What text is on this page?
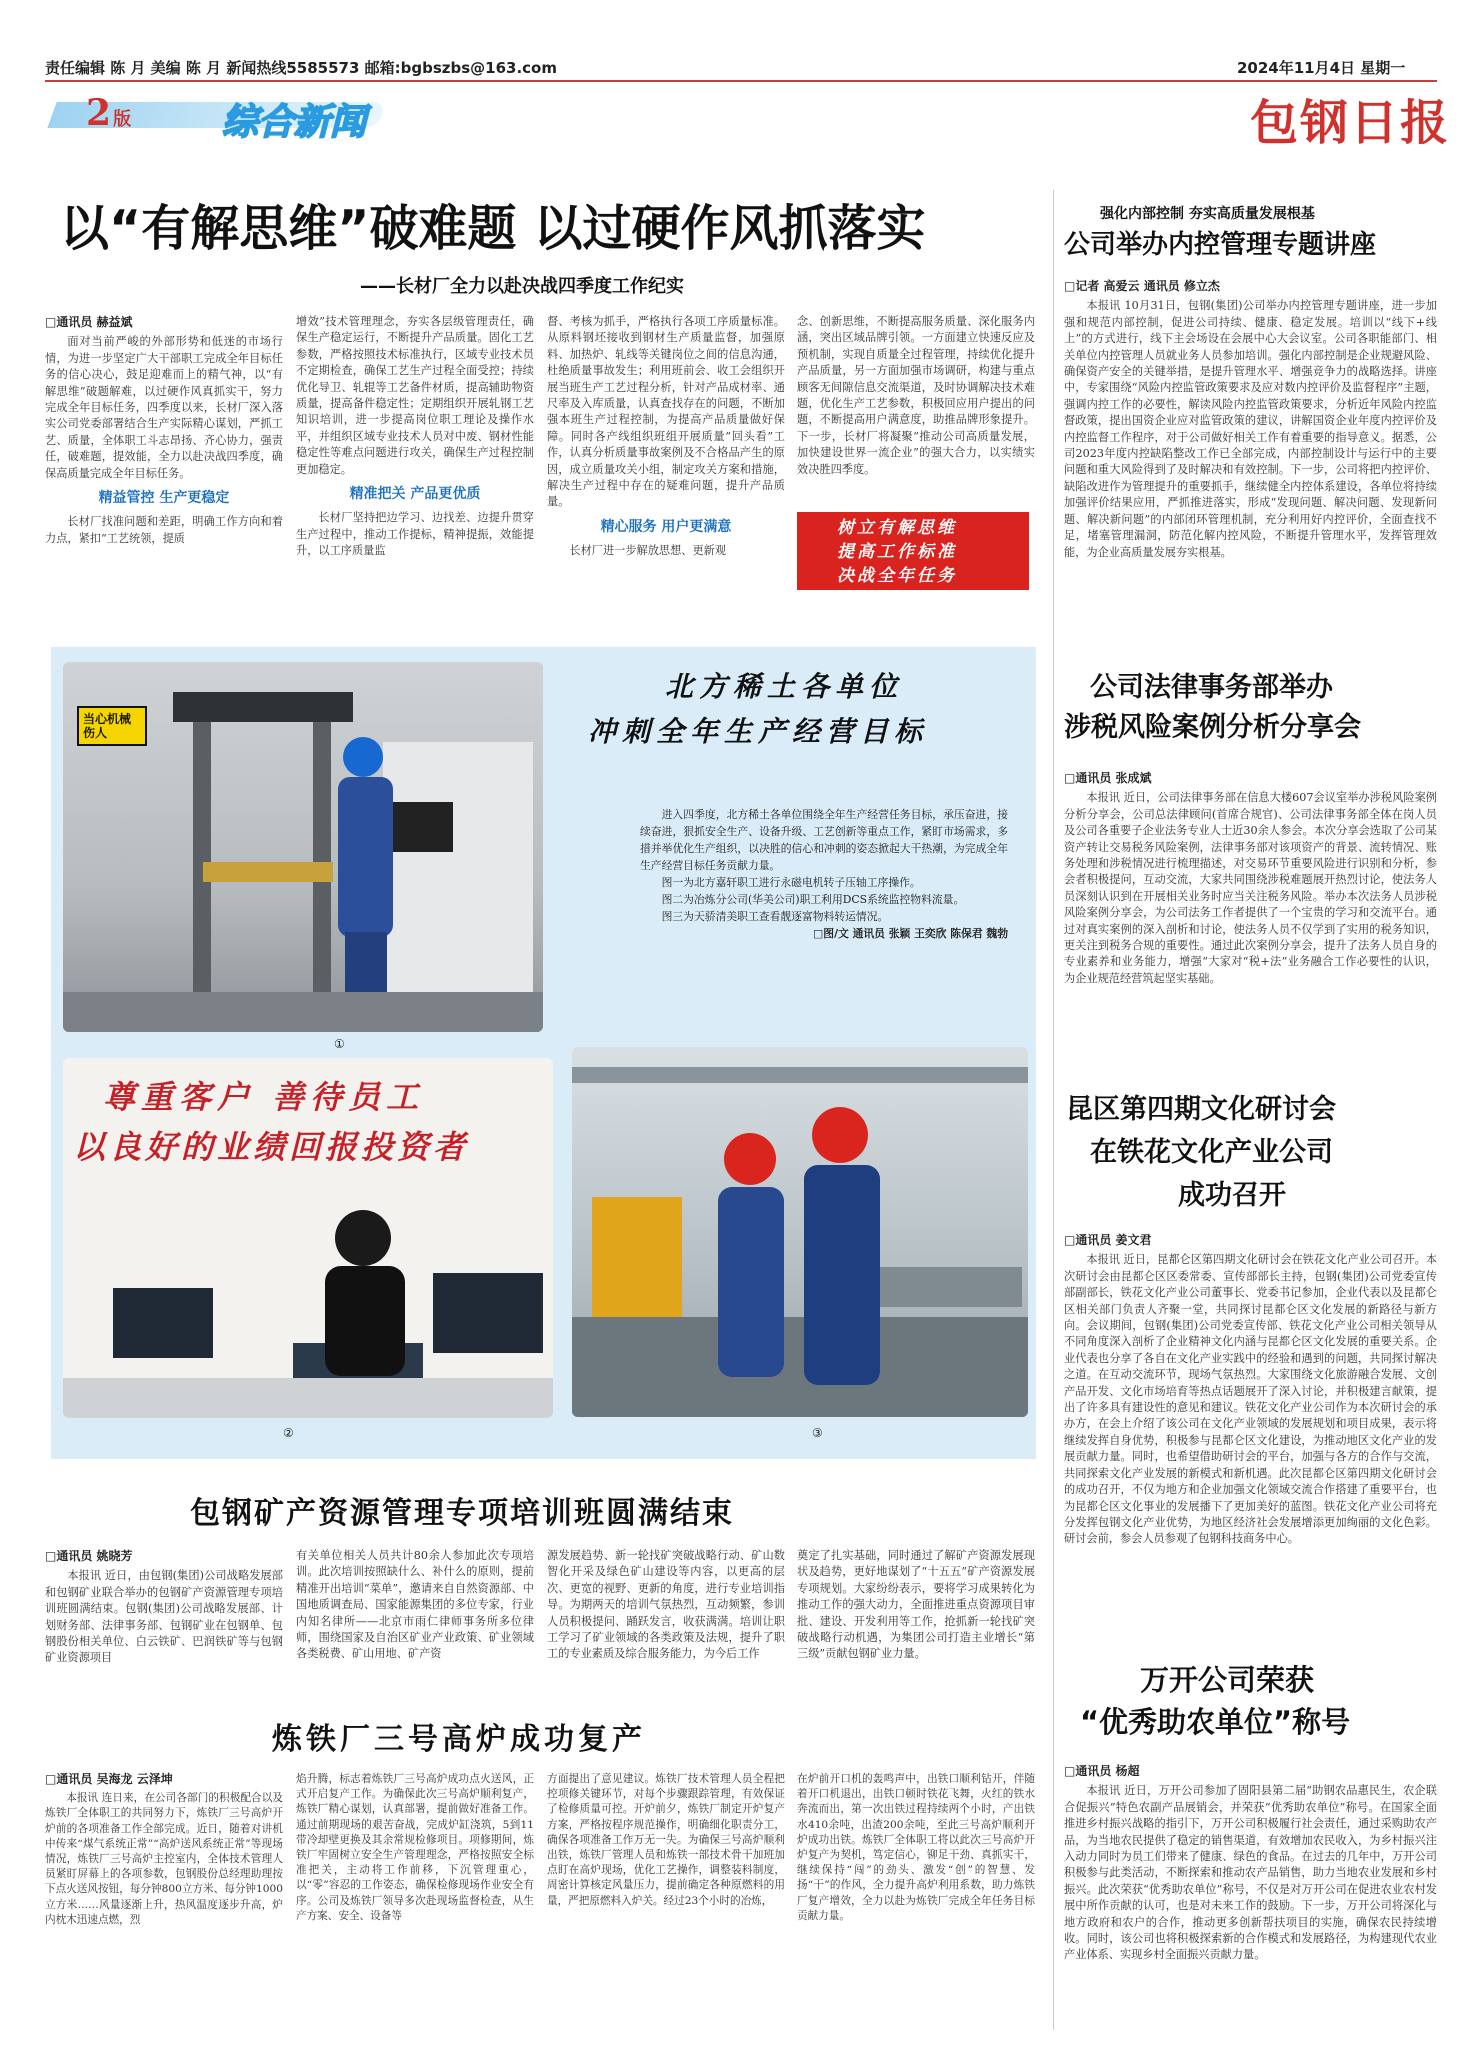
责任编辑 陈 月 美编 陈 月 新闻热线5585573 邮箱:bgbszbs@163.com	2024年11月4日 星期一
2 版	综合新闻	包钢日报
以“有解思维”破难题 以过硬作风抓落实
——长材厂全力以赴决战四季度工作纪实
□通讯员 赫益斌

面对当前严峻的外部形势和低迷的市场行情，为进一步坚定广大干部职工完成全年目标任务的信心决心，鼓足迎难而上的精气神，以“有解思维”破题解难，以过硬作风真抓实干，努力完成全年目标任务，四季度以来，长材厂深入落实公司党委部署结合生产实际精心谋划，严抓工艺、质量，全体职工斗志昂扬、齐心协力，强责任，破难题，提效能，全力以赴决战四季度，确保高质量完成全年目标任务。

精益管控 生产更稳定

长材厂找准问题和差距，明确工作方向和着力点，紧扣“工艺统领，提质

增效”技术管理理念，夯实各层级管理责任，确保生产稳定运行，不断提升产品质量。固化工艺参数，严格按照技术标准执行，区域专业技术员不定期检查，确保工艺生产过程全面受控；持续优化导卫、轧辊等工艺备件材质，提高辅助物资质量，提高备件稳定性；定期组织开展轧钢工艺知识培训，进一步提高岗位职工理论及操作水平，并组织区域专业技术人员对中废、钢材性能稳定性等难点问题进行攻关，确保生产过程控制更加稳定。

精准把关 产品更优质

长材厂坚持把边学习、边找差、边提升贯穿生产过程中，推动工作提标，精神提振，效能提升，以工序质量监

督、考核为抓手，严格执行各项工序质量标准。从原料钢坯接收到钢材生产质量监督，加强原料、加热炉、轧线等关键岗位之间的信息沟通，杜绝质量事故发生；利用班前会、收工会组织开展当班生产工艺过程分析，针对产品成材率、通尺率及入库质量，认真查找存在的问题，不断加强本班生产过程控制，为提高产品质量做好保障。同时各产线组织班组开展质量“回头看”工作，认真分析质量事故案例及不合格品产生的原因，成立质量攻关小组，制定攻关方案和措施，解决生产过程中存在的疑难问题，提升产品质量。

精心服务 用户更满意

长材厂进一步解放思想、更新观

念、创新思维，不断提高服务质量、深化服务内涵，突出区域品牌引领。一方面建立快速反应及预机制，实现自质量全过程管理，持续优化提升产品质量，另一方面加强市场调研，构建与重点顾客无间隙信息交流渠道，及时协调解决技术难题，优化生产工艺参数，积极回应用户提出的问题，不断提高用户满意度，助推品牌形象提升。下一步，长材厂将凝聚“推动公司高质量发展，加快建设世界一流企业”的强大合力，以实绩实效决胜四季度。

树立有解思维
提高工作标准
决战全年任务
强化内部控制 夯实高质量发展根基
公司举办内控管理专题讲座
□记者 高爱云 通讯员 修立杰

本报讯 10月31日，包钢(集团)公司举办内控管理专题讲座，进一步加强和规范内部控制，促进公司持续、健康、稳定发展。培训以“线下+线上”的方式进行，线下主会场设在会展中心大会议室。公司各职能部门、相关单位内控管理人员就业务人员参加培训。强化内部控制是企业规避风险、确保资产安全的关键举措，是提升管理水平、增强竞争力的战略选择。讲座中，专家围绕“风险内控监管政策要求及应对数内控评价及监督程序”主题，强调内控工作的必要性，解读风险内控监管政策要求，分析近年风险内控监督政策，提出国资企业应对监管政策的建议，讲解国资企业年度内控评价及内控监督工作程序，对于公司做好相关工作有着重要的指导意义。据悉，公司2023年度内控缺陷整改工作已全部完成，内部控制设计与运行中的主要问题和重大风险得到了及时解决和有效控制。下一步，公司将把内控评价、缺陷改进作为管理提升的重要抓手，继续健全内控体系建设，各单位将持续加强评价结果应用，严抓推进落实，形成“发现问题、解决问题、发现新问题、解决新问题”的内部闭环管理机制，充分利用好内控评价，全面查找不足，堵塞管理漏洞，防范化解内控风险，不断提升管理水平，发挥管理效能，为企业高质量发展夯实根基。

公司法律事务部举办
涉税风险案例分析分享会
□通讯员 张成斌

本报讯 近日，公司法律事务部在信息大楼607会议室举办涉税风险案例分析分享会，公司总法律顾问(首席合规官)、公司法律事务部全体在岗人员及公司各重要子企业法务专业人士近30余人参会。本次分享会选取了公司某资产转让交易税务风险案例，法律事务部对该项资产的背景、流转情况、账务处理和涉税情况进行梳理描述，对交易环节重要风险进行识别和分析，参会者积极提问，互动交流，大家共同围绕涉税难题展开热烈讨论，使法务人员深刻认识到在开展相关业务时应当关注税务风险。举办本次法务人员涉税风险案例分享会，为公司法务工作者提供了一个宝贵的学习和交流平台。通过对真实案例的深入剖析和讨论，使法务人员不仅学到了实用的税务知识，更关注到税务合规的重要性。通过此次案例分享会，提升了法务人员自身的专业素养和业务能力，增强“大家对“税+法”业务融合工作必要性的认识，为企业规范经营筑起坚实基础。

昆区第四期文化研讨会
在铁花文化产业公司
成功召开
□通讯员 姜文君

本报讯 近日，昆都仑区第四期文化研讨会在铁花文化产业公司召开。本次研讨会由昆都仑区区委常委、宣传部部长主持，包钢(集团)公司党委宣传部副部长，铁花文化产业公司董事长、党委书记参加，企业代表以及昆都仑区相关部门负责人齐聚一堂，共同探讨昆都仑区文化发展的新路径与新方向。会议期间，包钢(集团)公司党委宣传部、铁花文化产业公司相关领导从不同角度深入剖析了企业精神文化内涵与昆都仑区文化发展的重要关系。企业代表也分享了各自在文化产业实践中的经验和遇到的问题，共同探讨解决之道。在互动交流环节，现场气氛热烈。大家围绕文化旅游融合发展、文创产品开发、文化市场培育等热点话题展开了深入讨论，并积极建言献策，提出了许多具有建设性的意见和建议。铁花文化产业公司作为本次研讨会的承办方，在会上介绍了该公司在文化产业领域的发展规划和项目成果，表示将继续发挥自身优势，积极参与昆都仑区文化建设，为推动地区文化产业的发展贡献力量。同时，也希望借助研讨会的平台，加强与各方的合作与交流，共同探索文化产业发展的新模式和新机遇。此次昆都仑区第四期文化研讨会的成功召开，不仅为地方和企业加强文化领域交流合作搭建了重要平台，也为昆都仑区文化事业的发展播下了更加美好的蓝图。铁花文化产业公司将充分发挥包钢文化产业优势，为地区经济社会发展增添更加绚丽的文化色彩。研讨会前，参会人员参观了包钢科技商务中心。

万开公司荣获
“优秀助农单位”称号
□通讯员 杨超

本报讯 近日，万开公司参加了固阳县第二届“助钢农品惠民生，农企联合促振兴”特色农副产品展销会，并荣获“优秀助农单位”称号。在国家全面推进乡村振兴战略的指引下，万开公司积极履行社会责任，通过采购助农产品，为当地农民提供了稳定的销售渠道，有效增加农民收入，为乡村振兴注入动力同时为员工们带来了健康、绿色的食品。在过去的几年中，万开公司积极参与此类活动，不断探索和推动农产品销售，助力当地农业发展和乡村振兴。此次荣获“优秀助农单位”称号，不仅是对万开公司在促进农业农村发展中所作贡献的认可，也是对未来工作的鼓励。下一步，万开公司将深化与地方政府和农户的合作，推动更多创新帮扶项目的实施，确保农民持续增收。同时，该公司也将积极探索新的合作模式和发展路径，为构建现代农业产业体系、实现乡村全面振兴贡献力量。

当心机械伤人
①
北方稀土各单位
冲刺全年生产经营目标

进入四季度，北方稀土各单位围绕全年生产经营任务目标，承压奋进，接续奋进，狠抓安全生产、设备升级、工艺创新等重点工作，紧盯市场需求，多措并举优化生产组织，以决胜的信心和冲刺的姿态掀起大干热潮，为完成全年生产经营目标任务贡献力量。

图一为北方嘉轩职工进行永磁电机转子压轴工序操作。

图二为冶炼分公司(华美公司)职工利用DCS系统监控物料流量。

图三为天骄清美职工查看靓逐富物料转运情况。

□图/文 通讯员 张颖 王奕欣 陈保君 魏勃
尊重客户 善待员工
以良好的业绩回报投资者
②	③
包钢矿产资源管理专项培训班圆满结束
□通讯员 姚晓芳

本报讯 近日，由包钢(集团)公司战略发展部和包钢矿业联合举办的包钢矿产资源管理专项培训班圆满结束。包钢(集团)公司战略发展部、计划财务部、法律事务部、包钢矿业在包钢单、包钢股份相关单位、白云铁矿、巴润铁矿等与包钢矿业资源项目

有关单位相关人员共计80余人参加此次专项培训。此次培训按照缺什么、补什么的原则，提前精准开出培训“菜单”，邀请来自自然资源部、中国地质调查局、国家能源集团的多位专家，行业内知名律所——北京市雨仁律师事务所多位律师，围绕国家及自治区矿业产业政策、矿业领域各类税费、矿山用地、矿产资

源发展趋势、新一轮找矿突破战略行动、矿山数智化开采及绿色矿山建设等内容，以更高的层次、更宽的视野、更新的角度，进行专业培训指导。为期两天的培训气氛热烈，互动频繁，参训人员积极提问、踊跃发言，收获满满。培训让职工学习了矿业领域的各类政策及法规，提升了职工的专业素质及综合服务能力，为今后工作

奠定了扎实基础，同时通过了解矿产资源发展现状及趋势，更好地谋划了“十五五”矿产资源发展专项规划。大家纷纷表示，要将学习成果转化为推动工作的强大动力，全面推进重点资源项目审批、建设、开发利用等工作，抢抓新一轮找矿突破战略行动机遇，为集团公司打造主业增长“第三级”贡献包钢矿业力量。

炼铁厂三号高炉成功复产
□通讯员 吴海龙 云泽坤

本报讯 连日来，在公司各部门的积极配合以及炼铁厂全体职工的共同努力下，炼铁厂三号高炉开炉前的各项准备工作全部完成。近日，随着对讲机中传来“煤气系统正常”“高炉送风系统正常”等现场情况，炼铁厂三号高炉主控室内，全体技术管理人员紧盯屏幕上的各项参数，包钢股份总经理助理按下点火送风按钮，每分钟800立方米、每分钟1000立方米……风量逐渐上升，热风温度逐步升高，炉内枕木迅速点燃，烈

焰升腾，标志着炼铁厂三号高炉成功点火送风，正式开启复产工作。为确保此次三号高炉顺利复产，炼铁厂精心谋划，认真部署，提前做好准备工作。通过前期现场的艰苦奋战，完成炉缸浇筑，5到11带冷却壁更换及其余常规检修项目。项修期间，炼铁厂牢固树立安全生产管理理念，严格按照安全标准把关，主动将工作前移，下沉管理重心，以“零”容忍的工作姿态，确保检修现场作业安全有序。公司及炼铁厂领导多次赴现场监督检查，从生产方案、安全、设备等

方面提出了意见建议。炼铁厂技术管理人员全程把控项修关键环节，对每个步骤跟踪管理，有效保证了检修质量可控。开炉前夕，炼铁厂制定开炉复产方案，严格按程序规范操作，明确细化职责分工，确保各项准备工作万无一失。为确保三号高炉顺利出铁，炼铁厂管理人员和炼铁一部技术骨干加班加点盯在高炉现场，优化工艺操作，调整装料制度，周密计算核定风量压力，提前确定各种原燃料的用量，严把原燃料入炉关。经过23个小时的冶炼，

在炉前开口机的轰鸣声中，出铁口顺利钻开，伴随着开口机退出，出铁口顿时铁花飞舞，火红的铁水奔流而出，第一次出铁过程持续两个小时，产出铁水410余吨，出渣200余吨，至此三号高炉顺利开炉成功出铁。炼铁厂全体职工将以此次三号高炉开炉复产为契机，笃定信心，铆足干劲、真抓实干，继续保持“闯”的劲头、激发“创”的智慧、发扬“干”的作风，全力提升高炉利用系数，助力炼铁厂复产增效，全力以赴为炼铁厂完成全年任务目标贡献力量。
